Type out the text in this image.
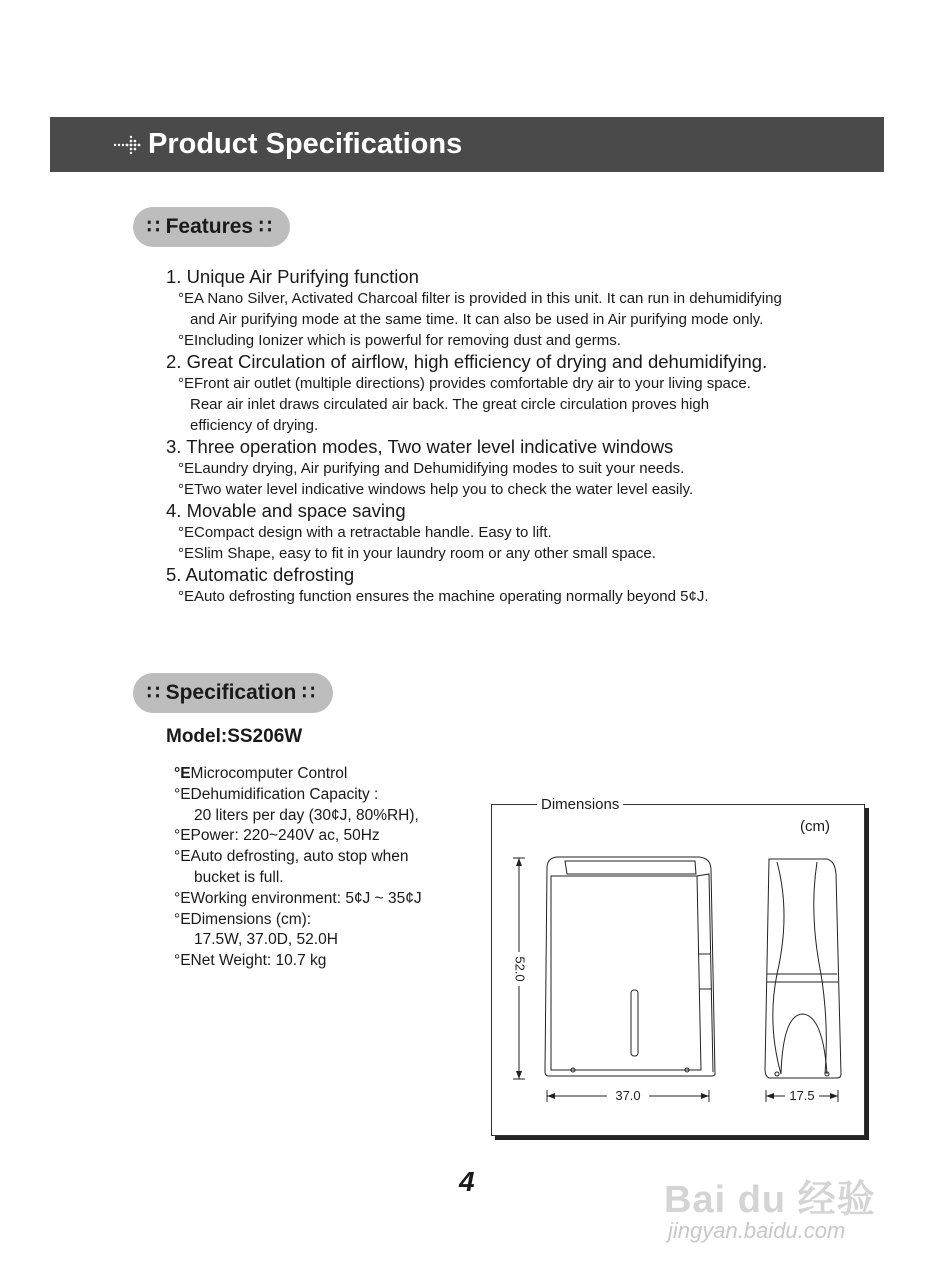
Product Specifications
∷ Features ∷
1. Unique Air Purifying function
°EA Nano Silver, Activated Charcoal filter is provided in this unit. It can run in dehumidifying
and Air purifying mode at the same time. It can also be used in Air purifying mode only.
°EIncluding Ionizer which is powerful for removing dust and germs.
2. Great Circulation of airflow, high efficiency of drying and dehumidifying.
°EFront air outlet (multiple directions) provides comfortable dry air to your living space.
Rear air inlet draws circulated air back. The great circle circulation proves high
efficiency of drying.
3. Three operation modes, Two water level indicative windows
°ELaundry drying, Air purifying and Dehumidifying modes to suit your needs.
°ETwo water level indicative windows help you to check the water level easily.
4. Movable and space saving
°ECompact design with a retractable handle. Easy to lift.
°ESlim Shape, easy to fit in your laundry room or any other small space.
5. Automatic defrosting
°EAuto defrosting function ensures the machine operating normally beyond 5¢J.
∷ Specification ∷
Model:SS206W
°EMicrocomputer Control
°EDehumidification Capacity :
20 liters per day (30¢J, 80%RH),
°EPower: 220~240V ac, 50Hz
°EAuto defrosting, auto stop when
bucket is full.
°EWorking environment: 5¢J ~ 35¢J
°EDimensions (cm):
17.5W, 37.0D, 52.0H
°ENet Weight: 10.7 kg	52.0
37.0	17.5
Dimensions
(cm)
4	Bai du 经验
jingyan.baidu.com
